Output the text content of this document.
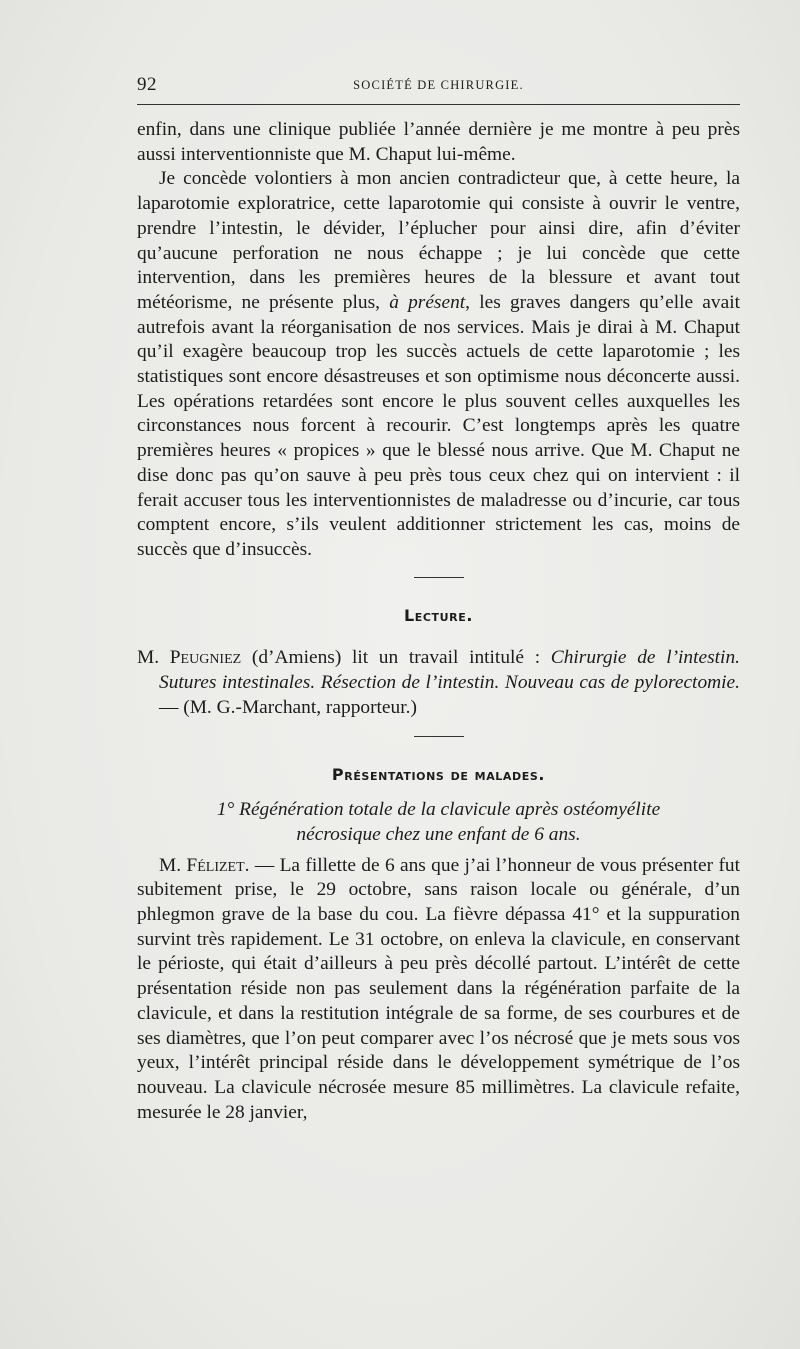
92	SOCIÉTÉ DE CHIRURGIE.

enfin, dans une clinique publiée l’année dernière je me montre à peu près aussi interventionniste que M. Chaput lui-même.

Je concède volontiers à mon ancien contradicteur que, à cette heure, la laparotomie exploratrice, cette laparotomie qui consiste à ouvrir le ventre, prendre l’intestin, le dévider, l’éplucher pour ainsi dire, afin d’éviter qu’aucune perforation ne nous échappe ; je lui concède que cette intervention, dans les premières heures de la blessure et avant tout météorisme, ne présente plus, à présent, les graves dangers qu’elle avait autrefois avant la réorganisation de nos services. Mais je dirai à M. Chaput qu’il exagère beaucoup trop les succès actuels de cette laparotomie ; les statistiques sont encore désastreuses et son optimisme nous déconcerte aussi. Les opérations retardées sont encore le plus souvent celles auxquelles les circonstances nous forcent à recourir. C’est longtemps après les quatre premières heures « propices » que le blessé nous arrive. Que M. Chaput ne dise donc pas qu’on sauve à peu près tous ceux chez qui on intervient : il ferait accuser tous les interventionnistes de maladresse ou d’incurie, car tous comptent encore, s’ils veulent additionner strictement les cas, moins de succès que d’insuccès.

Lecture.

M. Peugniez (d’Amiens) lit un travail intitulé : Chirurgie de l’intestin. Sutures intestinales. Résection de l’intestin. Nouveau cas de pylorectomie. — (M. G.-Marchant, rapporteur.)

Présentations de malades.
1° Régénération totale de la clavicule après ostéomyélite
nécrosique chez une enfant de 6 ans.

M. Félizet. — La fillette de 6 ans que j’ai l’honneur de vous présenter fut subitement prise, le 29 octobre, sans raison locale ou générale, d’un phlegmon grave de la base du cou. La fièvre dépassa 41° et la suppuration survint très rapidement. Le 31 octobre, on enleva la clavicule, en conservant le périoste, qui était d’ailleurs à peu près décollé partout. L’intérêt de cette présentation réside non pas seulement dans la régénération parfaite de la clavicule, et dans la restitution intégrale de sa forme, de ses courbures et de ses diamètres, que l’on peut comparer avec l’os nécrosé que je mets sous vos yeux, l’intérêt principal réside dans le développement symétrique de l’os nouveau. La clavicule nécrosée mesure 85 millimètres. La clavicule refaite, mesurée le 28 janvier,
